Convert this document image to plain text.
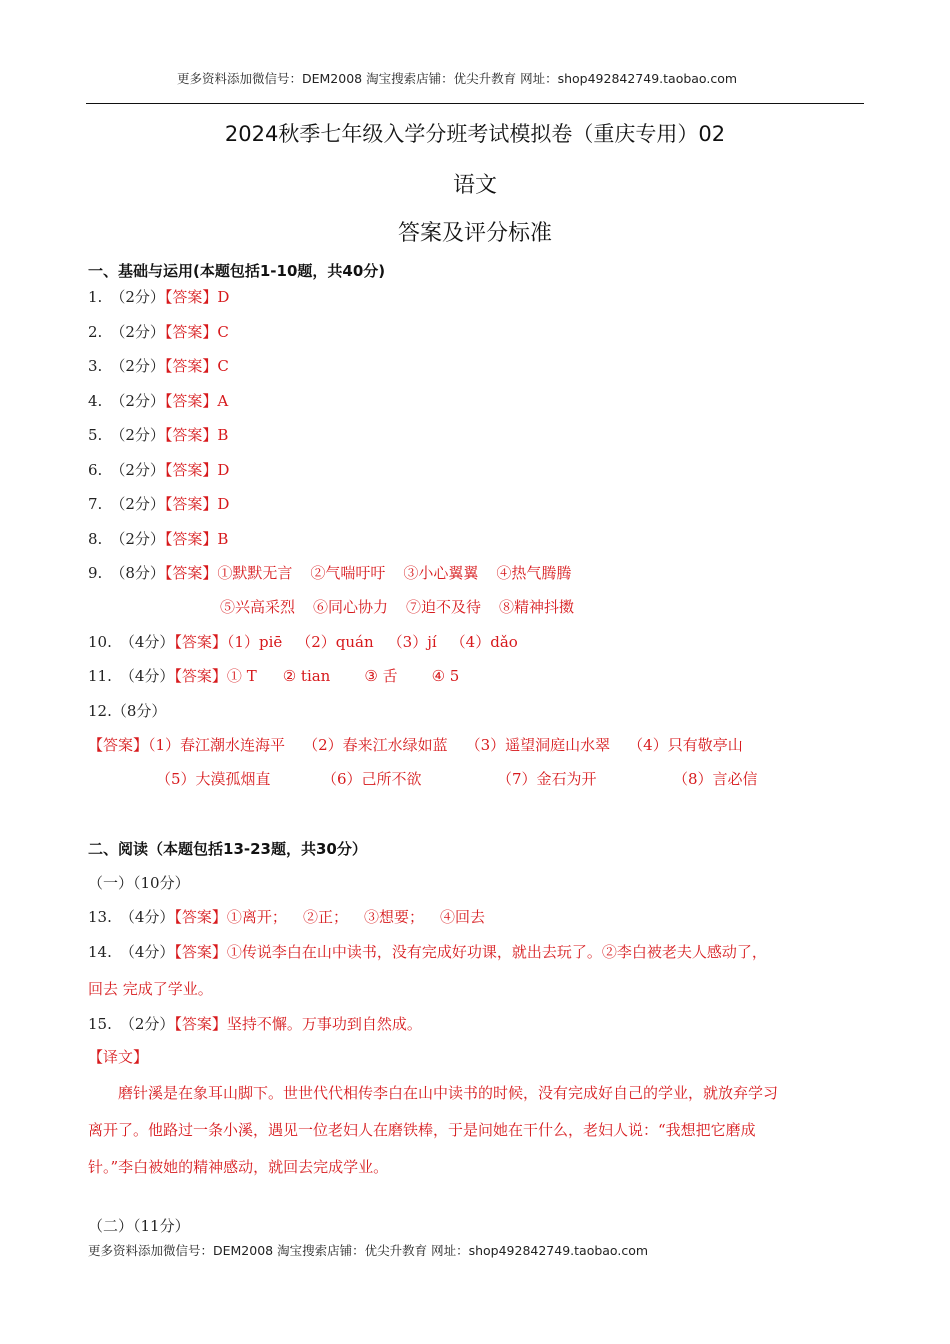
更多资料添加微信号：DEM2008 淘宝搜索店铺：优尖升教育 网址：shop492842749.taobao.com
2024秋季七年级入学分班考试模拟卷（重庆专用）02
语文
答案及评分标准
一、基础与运用(本题包括1-10题，共40分)
1. （2分）【答案】D
2. （2分）【答案】C
3. （2分）【答案】C
4. （2分）【答案】A
5. （2分）【答案】B
6. （2分）【答案】D
7. （2分）【答案】D
8. （2分）【答案】B
9. （8分）【答案】①默默无言 ②气喘吁吁 ③小心翼翼 ④热气腾腾
⑤兴高采烈 ⑥同心协力 ⑦迫不及待 ⑧精神抖擞
10. （4分）【答案】（1）piē （2）quán （3）jí （4）dǎo
11. （4分）【答案】① T ② tian ③ 舌 ④ 5
12.（8分）
【答案】（1）春江潮水连海平 （2）春来江水绿如蓝 （3）遥望洞庭山水翠 （4）只有敬亭山
（5）大漠孤烟直	（6）己所不欲	（7）金石为开	（8）言必信
二、阅读（本题包括13-23题，共30分）
（一）（10分）
13. （4分）【答案】①离开； ②正； ③想要； ④回去
14. （4分）【答案】①传说李白在山中读书，没有完成好功课，就出去玩了。②李白被老夫人感动了，
回去 完成了学业。
15. （2分）【答案】坚持不懈。万事功到自然成。
【译文】
磨针溪是在象耳山脚下。世世代代相传李白在山中读书的时候，没有完成好自己的学业，就放弃学习
离开了。他路过一条小溪，遇见一位老妇人在磨铁棒，于是问她在干什么，老妇人说：“我想把它磨成
针。”李白被她的精神感动，就回去完成学业。
（二）（11分）
更多资料添加微信号：DEM2008 淘宝搜索店铺：优尖升教育 网址：shop492842749.taobao.com
